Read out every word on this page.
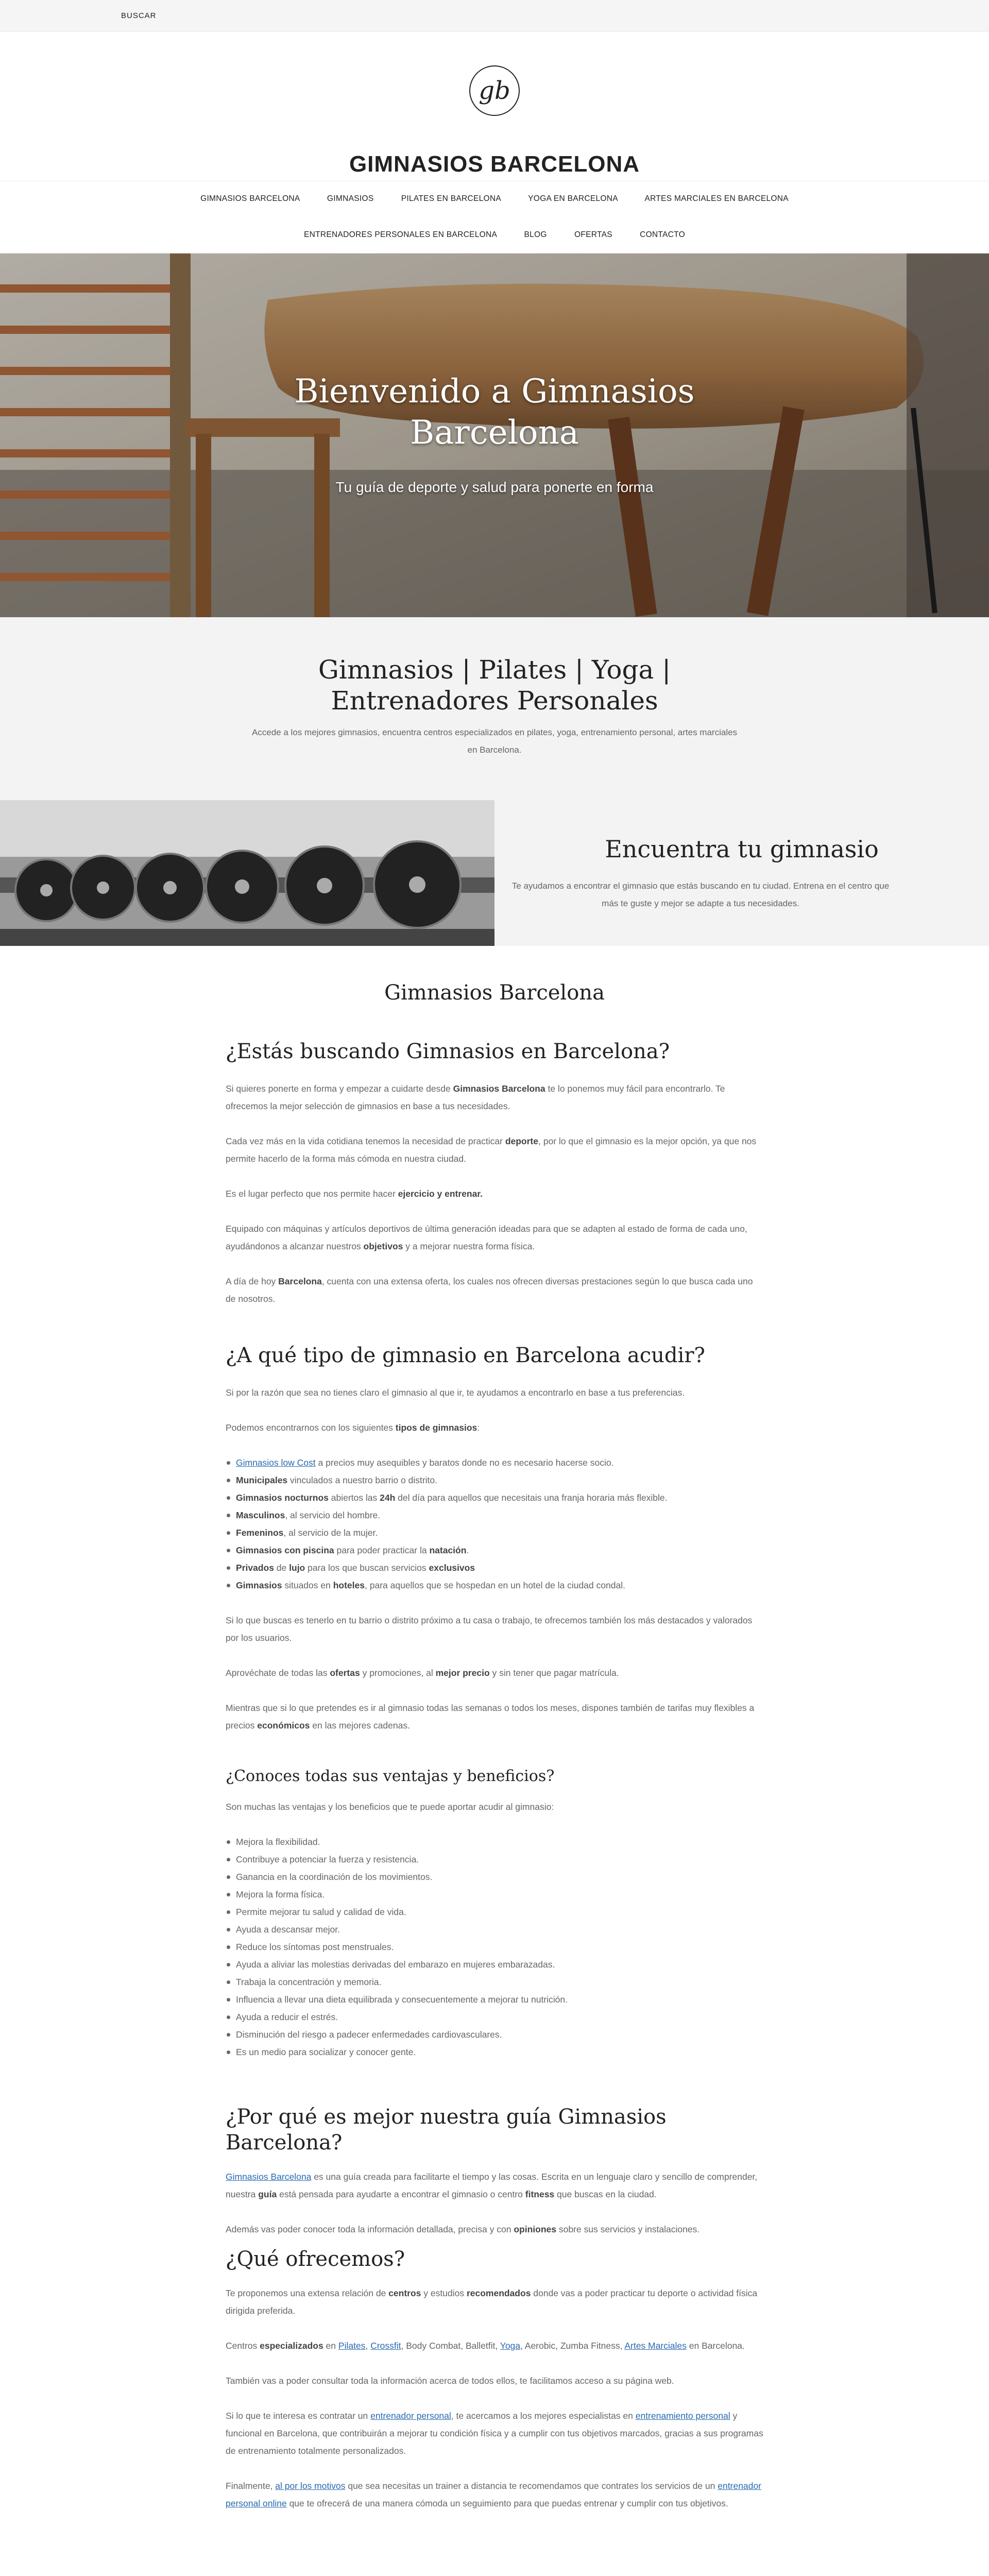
BUSCAR
gb
GIMNASIOS BARCELONA
GIMNASIOS BARCELONA	GIMNASIOS	PILATES EN BARCELONA	YOGA EN BARCELONA	ARTES MARCIALES EN BARCELONA
ENTRENADORES PERSONALES EN BARCELONA	BLOG	OFERTAS	CONTACTO
Bienvenido a Gimnasios Barcelona

Tu guía de deporte y salud para ponerte en forma

Gimnasios | Pilates | Yoga | Entrenadores Personales

Accede a los mejores gimnasios, encuentra centros especializados en pilates, yoga, entrenamiento personal, artes marciales en Barcelona.

Encuentra tu gimnasio

Te ayudamos a encontrar el gimnasio que estás buscando en tu ciudad. Entrena en el centro que más te guste y mejor se adapte a tus necesidades.

Gimnasios Barcelona
¿Estás buscando Gimnasios en Barcelona?

Si quieres ponerte en forma y empezar a cuidarte desde Gimnasios Barcelona te lo ponemos muy fácil para encontrarlo. Te ofrecemos la mejor selección de gimnasios en base a tus necesidades.

Cada vez más en la vida cotidiana tenemos la necesidad de practicar deporte, por lo que el gimnasio es la mejor opción, ya que nos permite hacerlo de la forma más cómoda en nuestra ciudad.

Es el lugar perfecto que nos permite hacer ejercicio y entrenar.

Equipado con máquinas y artículos deportivos de última generación ideadas para que se adapten al estado de forma de cada uno, ayudándonos a alcanzar nuestros objetivos y a mejorar nuestra forma física.

A día de hoy Barcelona, cuenta con una extensa oferta, los cuales nos ofrecen diversas prestaciones según lo que busca cada uno de nosotros.

¿A qué tipo de gimnasio en Barcelona acudir?

Si por la razón que sea no tienes claro el gimnasio al que ir, te ayudamos a encontrarlo en base a tus preferencias.

Podemos encontrarnos con los siguientes tipos de gimnasios:

Gimnasios low Cost a precios muy asequibles y baratos donde no es necesario hacerse socio.
Municipales vinculados a nuestro barrio o distrito.
Gimnasios nocturnos abiertos las 24h del día para aquellos que necesitais una franja horaria más flexible.
Masculinos, al servicio del hombre.
Femeninos, al servicio de la mujer.
Gimnasios con piscina para poder practicar la natación.
Privados de lujo para los que buscan servicios exclusivos
Gimnasios situados en hoteles, para aquellos que se hospedan en un hotel de la ciudad condal.

Si lo que buscas es tenerlo en tu barrio o distrito próximo a tu casa o trabajo, te ofrecemos también los más destacados y valorados por los usuarios.

Aprovéchate de todas las ofertas y promociones, al mejor precio y sin tener que pagar matrícula.

Mientras que si lo que pretendes es ir al gimnasio todas las semanas o todos los meses, dispones también de tarifas muy flexibles a precios económicos en las mejores cadenas.

¿Conoces todas sus ventajas y beneficios?

Son muchas las ventajas y los beneficios que te puede aportar acudir al gimnasio:

Mejora la flexibilidad.
Contribuye a potenciar la fuerza y resistencia.
Ganancia en la coordinación de los movimientos.
Mejora la forma física.
Permite mejorar tu salud y calidad de vida.
Ayuda a descansar mejor.
Reduce los síntomas post menstruales.
Ayuda a aliviar las molestias derivadas del embarazo en mujeres embarazadas.
Trabaja la concentración y memoria.
Influencia a llevar una dieta equilibrada y consecuentemente a mejorar tu nutrición.
Ayuda a reducir el estrés.
Disminución del riesgo a padecer enfermedades cardiovasculares.
Es un medio para socializar y conocer gente.
¿Por qué es mejor nuestra guía Gimnasios Barcelona?

Gimnasios Barcelona es una guía creada para facilitarte el tiempo y las cosas. Escrita en un lenguaje claro y sencillo de comprender, nuestra guía está pensada para ayudarte a encontrar el gimnasio o centro fitness que buscas en la ciudad.

Además vas poder conocer toda la información detallada, precisa y con opiniones sobre sus servicios y instalaciones.

¿Qué ofrecemos?

Te proponemos una extensa relación de centros y estudios recomendados donde vas a poder practicar tu deporte o actividad física dirigida preferida.

Centros especializados en Pilates, Crossfit, Body Combat, Balletfit, Yoga, Aerobic, Zumba Fitness, Artes Marciales en Barcelona.

También vas a poder consultar toda la información acerca de todos ellos, te facilitamos acceso a su página web.

Si lo que te interesa es contratar un entrenador personal, te acercamos a los mejores especialistas en entrenamiento personal y funcional en Barcelona, que contribuirán a mejorar tu condición física y a cumplir con tus objetivos marcados, gracias a sus programas de entrenamiento totalmente personalizados.

Finalmente, al por los motivos que sea necesitas un trainer a distancia te recomendamos que contrates los servicios de un entrenador personal online que te ofrecerá de una manera cómoda un seguimiento para que puedas entrenar y cumplir con tus objetivos.
